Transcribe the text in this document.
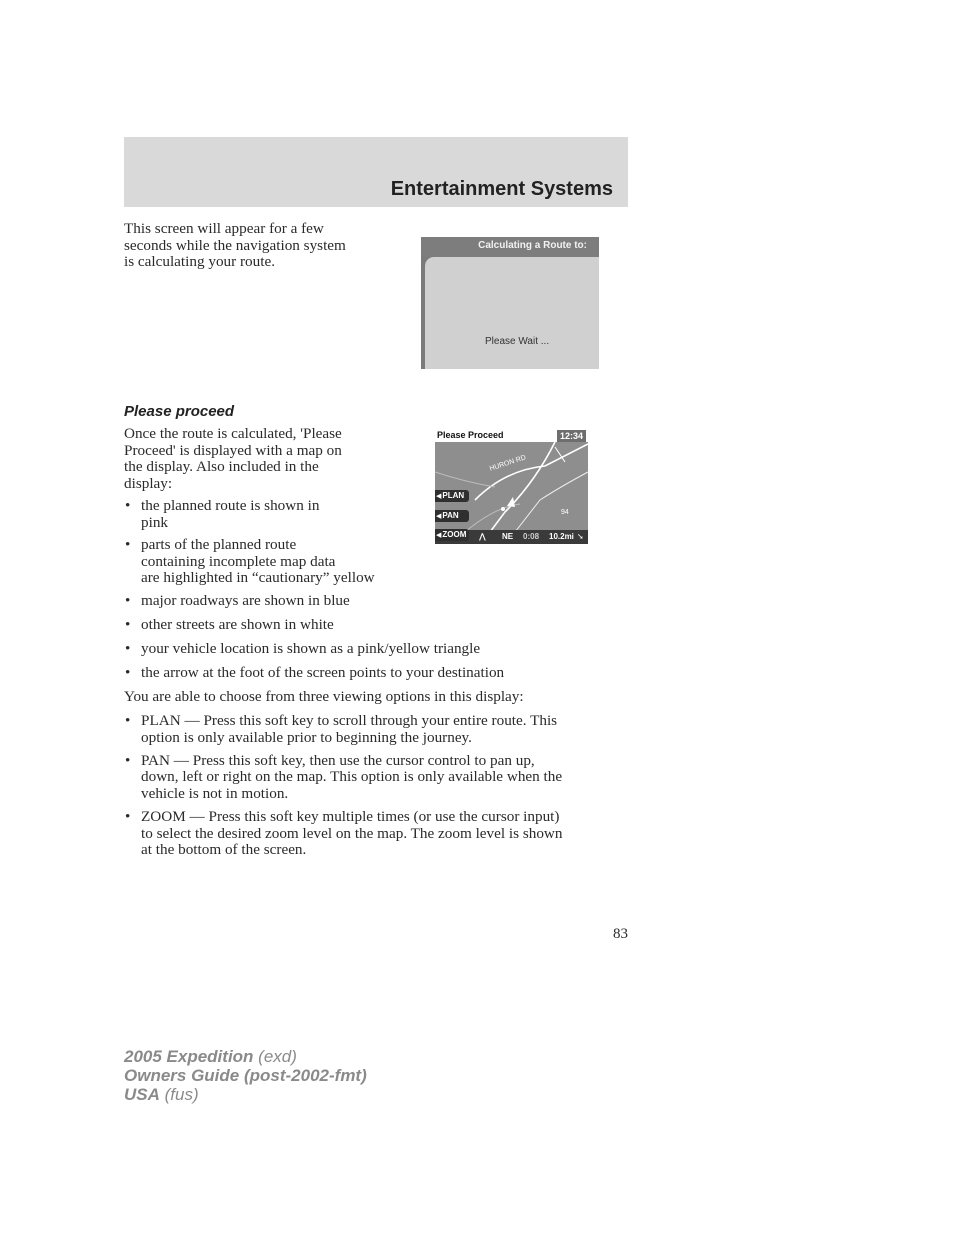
Entertainment Systems
This screen will appear for a few
seconds while the navigation system
is calculating your route.
Calculating a Route to:
Please Wait ...
Please proceed
Once the route is calculated, 'Please
Proceed' is displayed with a map on
the display. Also included in the
display:
• the planned route is shown in
pink
• parts of the planned route
containing incomplete map data
are highlighted in “cautionary” yellow
• major roadways are shown in blue
• other streets are shown in white
• your vehicle location is shown as a pink/yellow triangle
• the arrow at the foot of the screen points to your destination
You are able to choose from three viewing options in this display:
• PLAN — Press this soft key to scroll through your entire route. This
option is only available prior to beginning the journey.
• PAN — Press this soft key, then use the cursor control to pan up,
down, left or right on the map. This option is only available when the
vehicle is not in motion.
• ZOOM — Press this soft key multiple times (or use the cursor input)
to select the desired zoom level on the map. The zoom level is shown
at the bottom of the screen.
Please Proceed	12:34
HURON RD
94
◀PLAN
◀PAN
◀ZOOM	⋀ NE 0:08 10.2mi ➘
83
2005 Expedition (exd)
Owners Guide (post-2002-fmt)
USA (fus)
